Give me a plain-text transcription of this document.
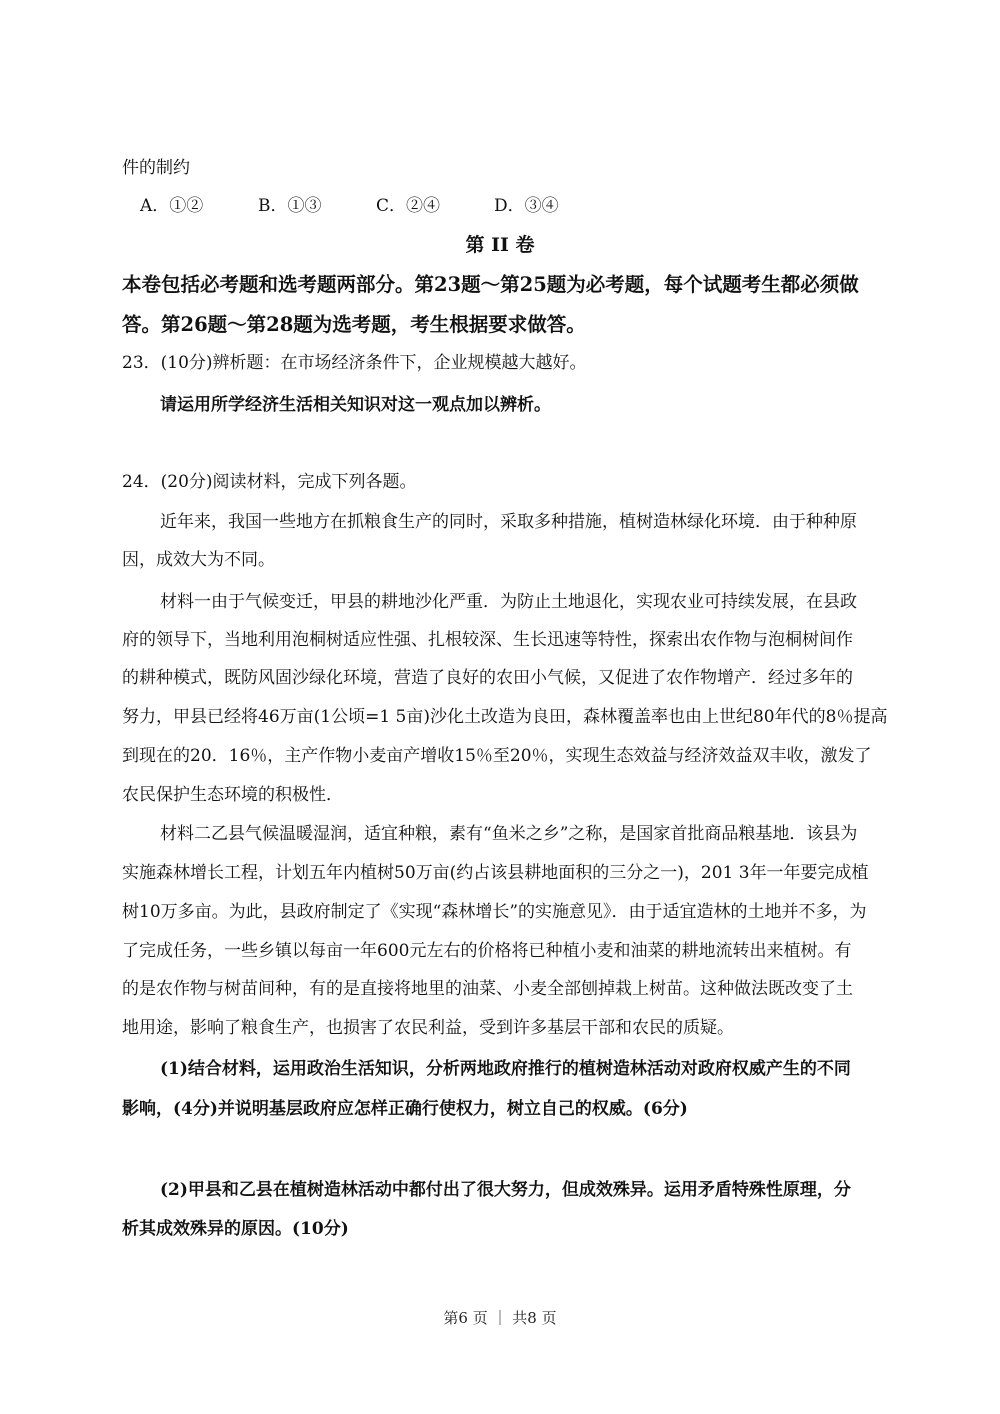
件的制约
A．①②	B．①③	C．②④	D．③④
第 II 卷
本卷包括必考题和选考题两部分。第23题～第25题为必考题，每个试题考生都必须做
答。第26题～第28题为选考题，考生根据要求做答。
23．(10分)辨析题：在市场经济条件下，企业规模越大越好。
请运用所学经济生活相关知识对这一观点加以辨析。
24．(20分)阅读材料，完成下列各题。
近年来，我国一些地方在抓粮食生产的同时，采取多种措施，植树造林绿化环境．由于种种原
因，成效大为不同。
材料一由于气候变迁，甲县的耕地沙化严重．为防止土地退化，实现农业可持续发展，在县政
府的领导下，当地利用泡桐树适应性强、扎根较深、生长迅速等特性，探索出农作物与泡桐树间作
的耕种模式，既防风固沙绿化环境，营造了良好的农田小气候，又促进了农作物增产．经过多年的
努力，甲县已经将46万亩(1公顷=1 5亩)沙化土改造为良田，森林覆盖率也由上世纪80年代的8％提高
到现在的20．16％，主产作物小麦亩产增收15％至20％，实现生态效益与经济效益双丰收，激发了
农民保护生态环境的积极性．
材料二乙县气候温暖湿润，适宜种粮，素有“鱼米之乡”之称，是国家首批商品粮基地．该县为
实施森林增长工程，计划五年内植树50万亩(约占该县耕地面积的三分之一)，201 3年一年要完成植
树10万多亩。为此，县政府制定了《实现“森林增长”的实施意见》．由于适宜造林的土地并不多，为
了完成任务，一些乡镇以每亩一年600元左右的价格将已种植小麦和油菜的耕地流转出来植树。有
的是农作物与树苗间种，有的是直接将地里的油菜、小麦全部刨掉栽上树苗。这种做法既改变了土
地用途，影响了粮食生产，也损害了农民利益，受到许多基层干部和农民的质疑。
(1)结合材料，运用政治生活知识，分析两地政府推行的植树造林活动对政府权威产生的不同
影响，(4分)并说明基层政府应怎样正确行使权力，树立自己的权威。(6分)
(2)甲县和乙县在植树造林活动中都付出了很大努力，但成效殊异。运用矛盾特殊性原理，分
析其成效殊异的原因。(10分)
第6 页 ｜ 共8 页
